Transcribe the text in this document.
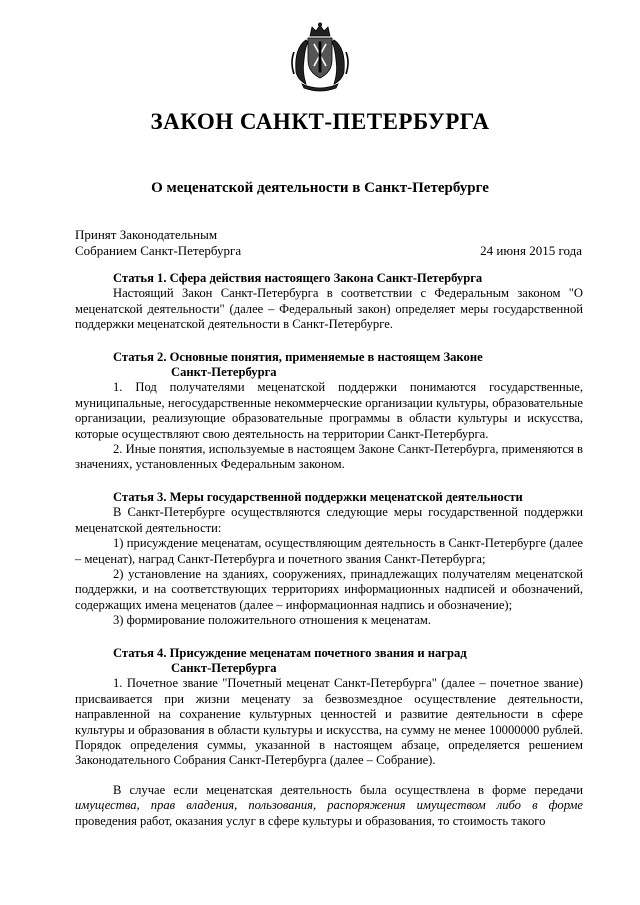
ЗАКОН САНКТ-ПЕТЕРБУРГА
О меценатской деятельности в Санкт-Петербурге
Принят Законодательным
Собранием Санкт-Петербурга	24 июня 2015 года
Статья 1. Сфера действия настоящего Закона Санкт-Петербурга

Настоящий Закон Санкт-Петербурга в соответствии с Федеральным законом "О меценатской деятельности" (далее – Федеральный закон) определяет меры государственной поддержки меценатской деятельности в Санкт-Петербурге.

Статья 2. Основные понятия, применяемые в настоящем Законе
Санкт-Петербурга

1. Под получателями меценатской поддержки понимаются государственные, муниципальные, негосударственные некоммерческие организации культуры, образовательные организации, реализующие образовательные программы в области культуры и искусства, которые осуществляют свою деятельность на территории Санкт-Петербурга.

2. Иные понятия, используемые в настоящем Законе Санкт-Петербурга, применяются в значениях, установленных Федеральным законом.

Статья 3. Меры государственной поддержки меценатской деятельности

В Санкт-Петербурге осуществляются следующие меры государственной поддержки меценатской деятельности:

1) присуждение меценатам, осуществляющим деятельность в Санкт-Петербурге (далее – меценат), наград Санкт-Петербурга и почетного звания Санкт-Петербурга;

2) установление на зданиях, сооружениях, принадлежащих получателям меценатской поддержки, и на соответствующих территориях информационных надписей и обозначений, содержащих имена меценатов (далее – информационная надпись и обозначение);

3) формирование положительного отношения к меценатам.

Статья 4. Присуждение меценатам почетного звания и наград
Санкт-Петербурга

1. Почетное звание "Почетный меценат Санкт-Петербурга" (далее – почетное звание) присваивается при жизни меценату за безвозмездное осуществление деятельности, направленной на сохранение культурных ценностей и развитие деятельности в сфере культуры и образования в области культуры и искусства, на сумму не менее 10000000 рублей. Порядок определения суммы, указанной в настоящем абзаце, определяется решением Законодательного Собрания Санкт-Петербурга (далее – Собрание).

В случае если меценатская деятельность была осуществлена в форме передачи имущества, прав владения, пользования, распоряжения имуществом либо в форме проведения работ, оказания услуг в сфере культуры и образования, то стоимость такого
